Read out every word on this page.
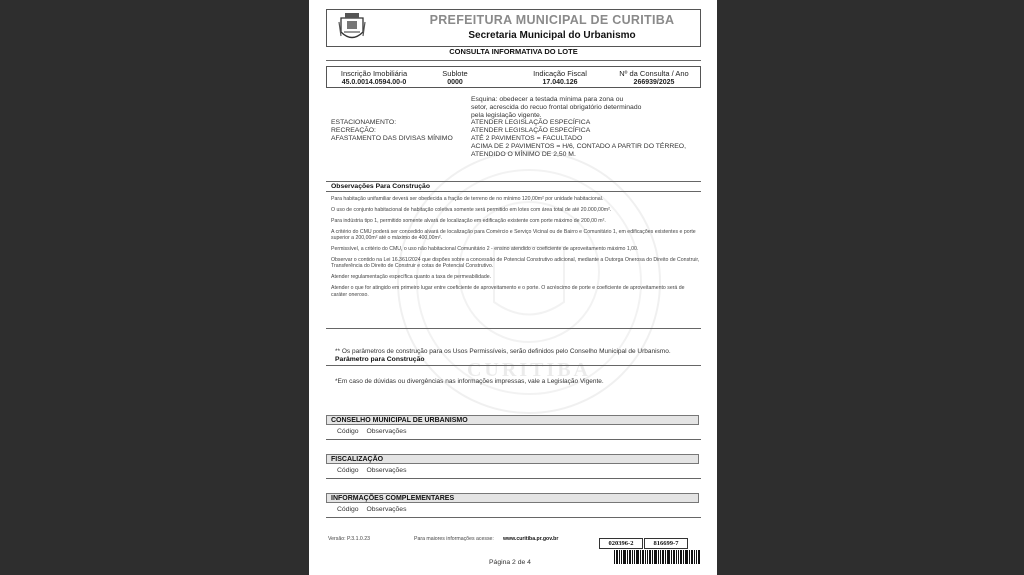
CURITIBA
PREFEITURA MUNICIPAL DE CURITIBA
Secretaria Municipal do Urbanismo
CONSULTA INFORMATIVA DO LOTE
Inscrição Imobiliária
45.0.0014.0594.00-0
Sublote
0000
Indicação Fiscal
17.040.126
Nº da Consulta / Ano
266939/2025
Esquina: obedecer a testada mínima para zona ou
setor, acrescida do recuo frontal obrigatório determinado
pela legislação vigente.
ESTACIONAMENTO:	ATENDER LEGISLAÇÃO ESPECÍFICA
RECREAÇÃO:	ATENDER LEGISLAÇÃO ESPECÍFICA
AFASTAMENTO DAS DIVISAS MÍNIMO	ATÉ 2 PAVIMENTOS = FACULTADO
ACIMA DE 2 PAVIMENTOS = H/6, CONTADO A PARTIR DO TÉRREO,
ATENDIDO O MÍNIMO DE 2,50 M.
Observações Para Construção

Para habitação unifamiliar deverá ser obedecida a fração de terreno de no mínimo 120,00m² por unidade habitacional.

O uso de conjunto habitacional de habitação coletiva somente será permitido em lotes com área total de até 20.000,00m².

Para indústria tipo 1, permitido somente alvará de localização em edificação existente com porte máximo de 200,00 m².

A critério do CMU poderá ser concedido alvará de localização para Comércio e Serviço Vicinal ou de Bairro e Comunitário 1, em edificações existentes e porte superior a 200,00m² até o máximo de 400,00m².

Permissível, a critério do CMU, o uso não habitacional Comunitário 2 - ensino atendido o coeficiente de aproveitamento máximo 1,00.

Observar o contido na Lei 16.361/2024 que dispões sobre a concessão de Potencial Construtivo adicional, mediante a Outorga Onerosa do Direito de Construir, Transferência do Direito de Construir e cotas de Potencial Construtivo.

Atender regulamentação específica quanto a taxa de permeabilidade.

Atender o que for atingido em primeiro lugar entre coeficiente de aproveitamento e o porte. O acréscimo de porte e coeficiente de aproveitamento será de caráter oneroso.

** Os parâmetros de construção para os Usos Permissíveis, serão definidos pelo Conselho Municipal de Urbanismo.
Parâmetro para Construção
*Em caso de dúvidas ou divergências nas informações impressas, vale a Legislação Vigente.
CONSELHO MUNICIPAL DE URBANISMO
Código Observações
FISCALIZAÇÃO
Código Observações
INFORMAÇÕES COMPLEMENTARES
Código Observações
Versão: P.3.1.0.23	Para maiores informações acesse: www.curitiba.pr.gov.br
020396-2	816699-7
Página 2 de 4
